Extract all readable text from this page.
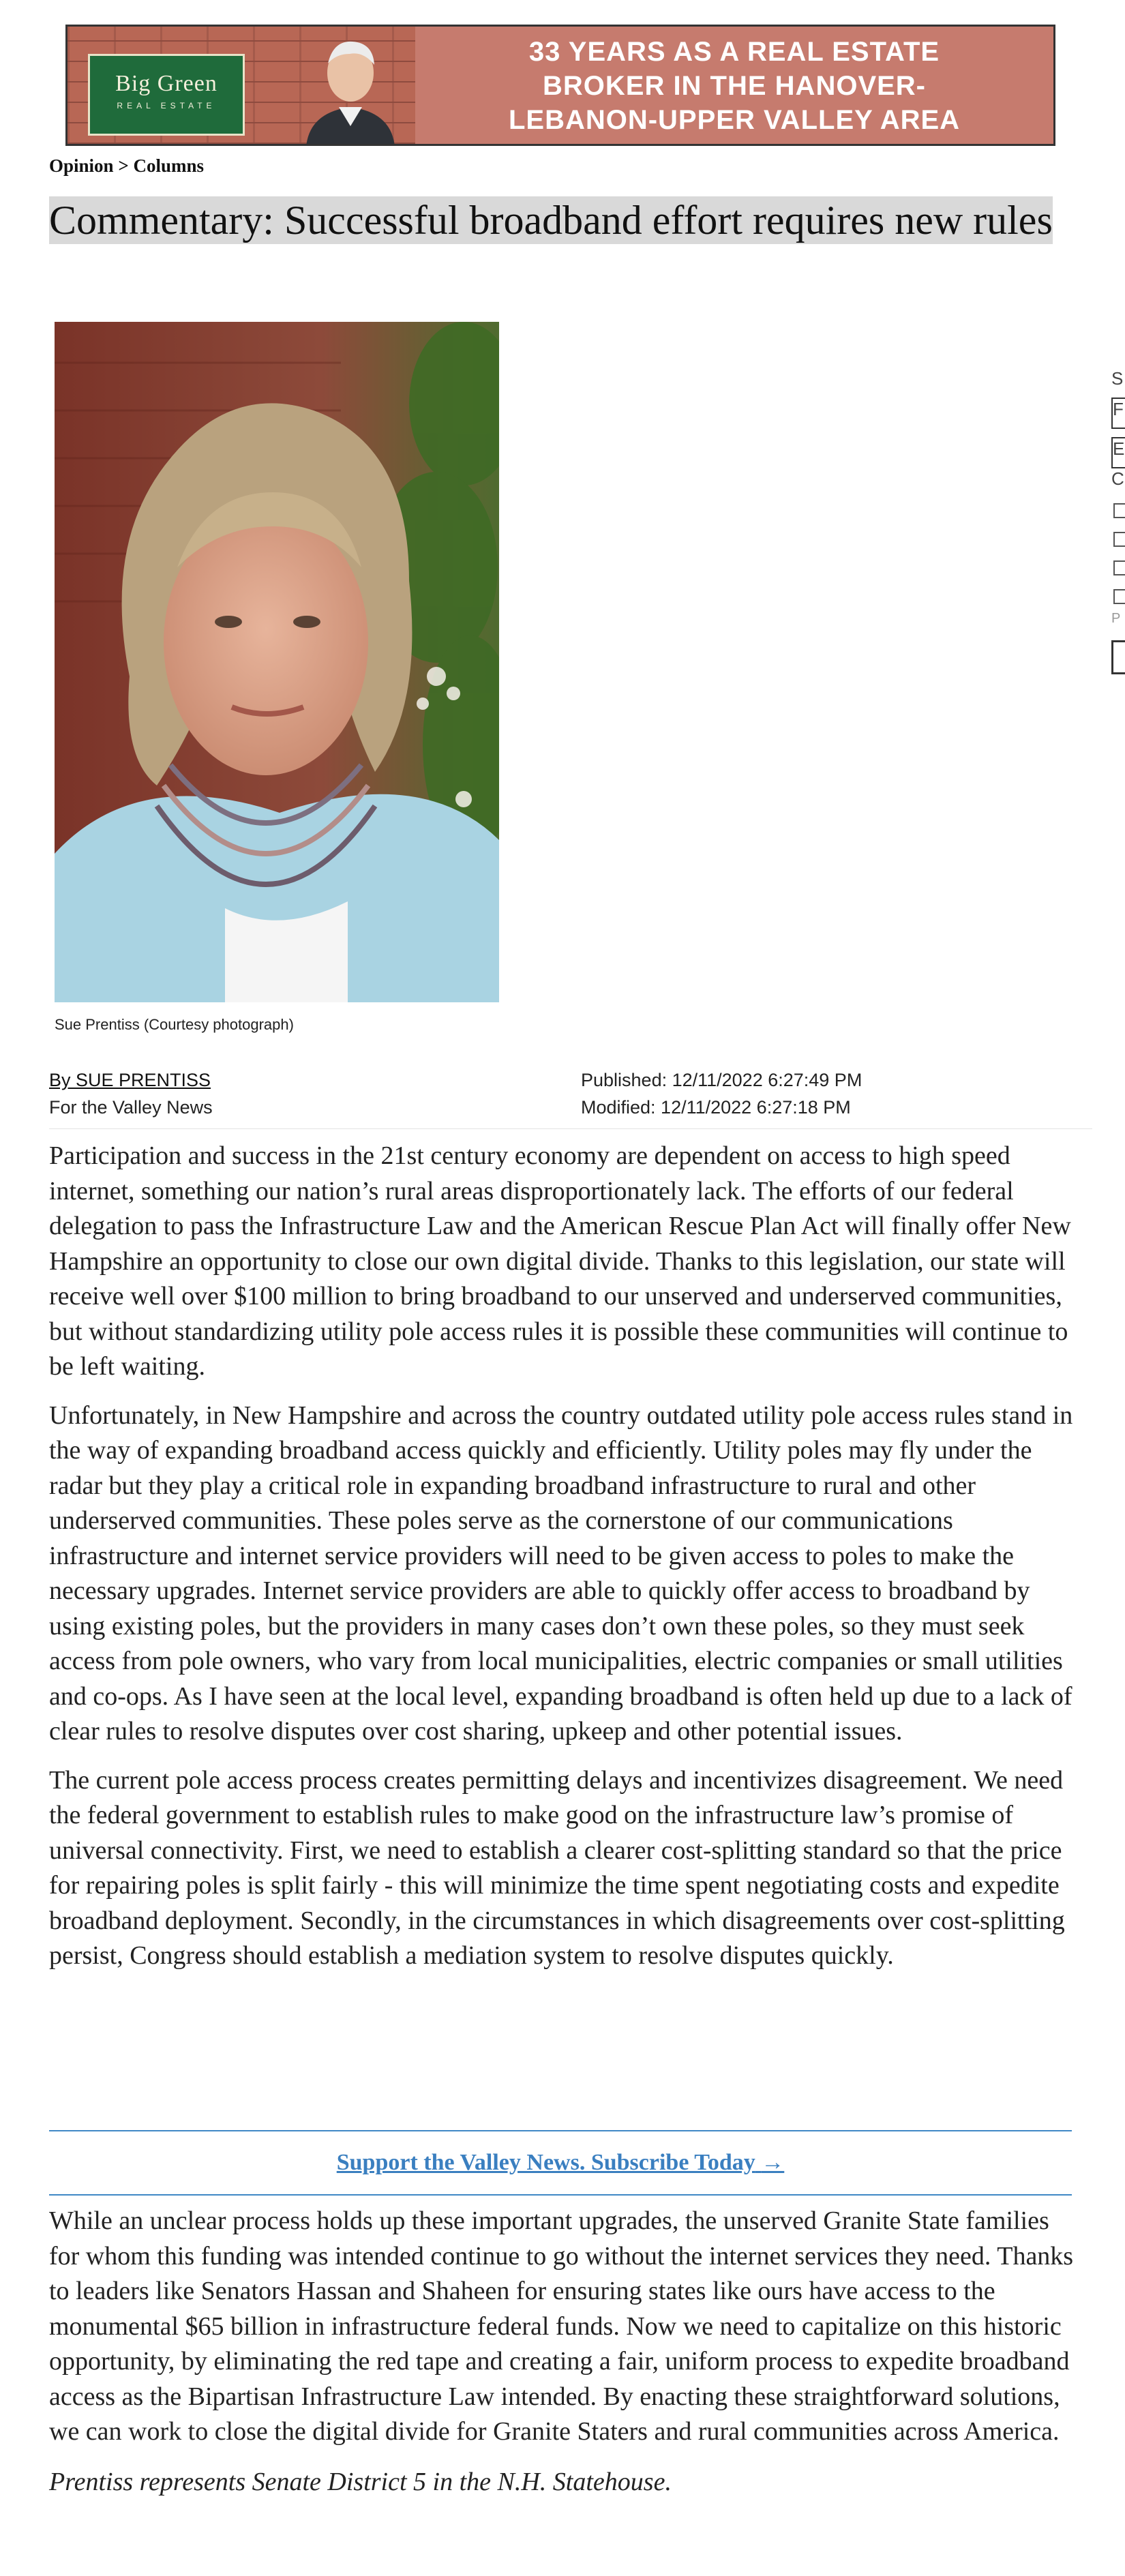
Big Green
REAL ESTATE
33 YEARS AS A REAL ESTATE
BROKER IN THE HANOVER-
LEBANON-UPPER VALLEY AREA
Opinion > Columns
Commentary: Successful broadband effort requires new rules
Sue Prentiss (Courtesy photograph)
By SUE PRENTISS
For the Valley News
Published: 12/11/2022 6:27:49 PM
Modified: 12/11/2022 6:27:18 PM

Participation and success in the 21st century economy are dependent on access to high speed internet, something our nation’s rural areas disproportionately lack. The efforts of our federal delegation to pass the Infrastructure Law and the American Rescue Plan Act will finally offer New Hampshire an opportunity to close our own digital divide. Thanks to this legislation, our state will receive well over $100 million to bring broadband to our unserved and underserved communities, but without standardizing utility pole access rules it is possible these communities will continue to be left waiting.

Unfortunately, in New Hampshire and across the country outdated utility pole access rules stand in the way of expanding broadband access quickly and efficiently. Utility poles may fly under the radar but they play a critical role in expanding broadband infrastructure to rural and other underserved communities. These poles serve as the cornerstone of our communications infrastructure and internet service providers will need to be given access to poles to make the necessary upgrades. Internet service providers are able to quickly offer access to broadband by using existing poles, but the providers in many cases don’t own these poles, so they must seek access from pole owners, who vary from local municipalities, electric companies or small utilities and co-ops. As I have seen at the local level, expanding broadband is often held up due to a lack of clear rules to resolve disputes over cost sharing, upkeep and other potential issues.

The current pole access process creates permitting delays and incentivizes disagreement. We need the federal government to establish rules to make good on the infrastructure law’s promise of universal connectivity. First, we need to establish a clearer cost-splitting standard so that the price for repairing poles is split fairly - this will minimize the time spent negotiating costs and expedite broadband deployment. Secondly, in the circumstances in which disagreements over cost-splitting persist, Congress should establish a mediation system to resolve disputes quickly.

Support the Valley News. Subscribe Today →

While an unclear process holds up these important upgrades, the unserved Granite State families for whom this funding was intended continue to go without the internet services they need. Thanks to leaders like Senators Hassan and Shaheen for ensuring states like ours have access to the monumental $65 billion in infrastructure federal funds. Now we need to capitalize on this historic opportunity, by eliminating the red tape and creating a fair, uniform process to expedite broadband access as the Bipartisan Infrastructure Law intended. By enacting these straightforward solutions, we can work to close the digital divide for Granite Staters and rural communities across America.

Prentiss represents Senate District 5 in the N.H. Statehouse.

S
F
E
C
P
